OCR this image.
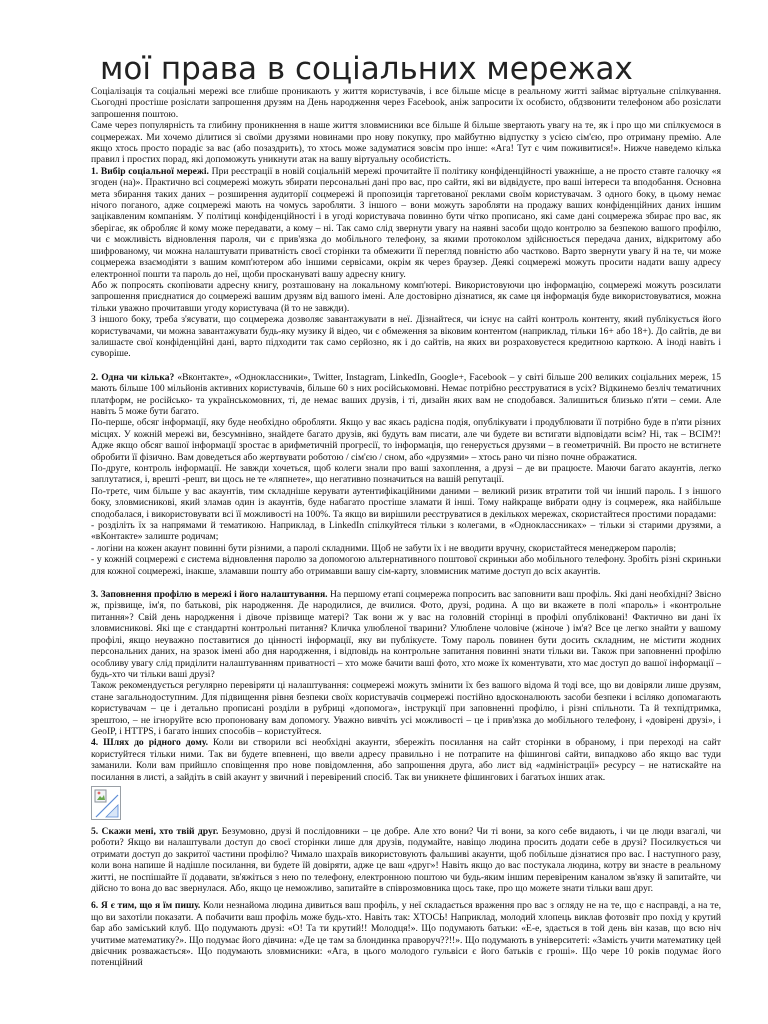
мої права в соціальних мережах

Соціалізація та соціальні мережі все глибше проникають у життя користувачів, і все більше місце в реальному житті займає віртуальне спілкування. Сьогодні простіше розіслати запрошення друзям на День народження через Facebook, аніж запросити їх особисто, обдзвонити телефоном або розіслати запрошення поштою.

Саме через популярність та глибину проникнення в наше життя зловмисники все більше й більше звертають увагу на те, як і про що ми спілкуємося в соцмережах. Ми хочемо ділитися зі своїми друзями новинами про нову покупку, про майбутню відпустку з усією сім'єю, про отриману премію. Але якщо хтось просто порадіє за вас (або позаздрить), то хтось може задуматися зовсім про інше: «Ага! Тут є чим поживитися!». Нижче наведемо кілька правил і простих порад, які допоможуть уникнути атак на вашу віртуальну особистість.

1. Вибір соціальної мережі. При реєстрації в новій соціальній мережі прочитайте її політику конфіденційності уважніше, а не просто ставте галочку «я згоден (на)». Практично всі соцмережі можуть збирати персональні дані про вас, про сайти, які ви відвідуєте, про ваші інтереси та вподобання. Основна мета збирання таких даних – розширення аудиторії соцмережі й пропозиція таргетованої реклами своїм користувачам. З одного боку, в цьому немає нічого поганого, адже соцмережі мають на чомусь заробляти. З іншого – вони можуть заробляти на продажу ваших конфіденційних даних іншим зацікавленим компаніям. У політиці конфіденційності і в угоді користувача повинно бути чітко прописано, які саме дані соцмережа збирає про вас, як зберігає, як обробляє й кому може передавати, а кому – ні. Так само слід звернути увагу на наявні засоби щодо контролю за безпекою вашого профілю, чи є можливість відновлення пароля, чи є прив'язка до мобільного телефону, за якими протоколом здійснюється передача даних, відкритому або шифрованому, чи можна налаштувати приватність своєї сторінки та обмежити її перегляд повністю або частково. Варто звернути увагу й на те, чи може соцмережа взаємодіяти з вашим комп'ютером або іншими сервісами, окрім як через браузер. Деякі соцмережі можуть просити надати вашу адресу електронної пошти та пароль до неї, щоби проскануваті вашу адресну книгу.

Або ж попросять скопіювати адресну книгу, розташовану на локальному комп'ютері. Використовуючи цю інформацію, соцмережі можуть розсилати запрошення приєднатися до соцмережі вашим друзям від вашого імені. Але достовірно дізнатися, як саме ця інформація буде використовуватися, можна тільки уважно прочитавши угоду користувача (й то не завжди).

З іншого боку, треба з'ясувати, що соцмережа дозволяє завантажувати в неї. Дізнайтеся, чи існує на сайті контроль контенту, який публікується його користувачами, чи можна завантажувати будь-яку музику й відео, чи є обмеження за віковим контентом (наприклад, тільки 16+ або 18+). До сайтів, де ви залишаєте свої конфіденційні дані, варто підходити так само серйозно, як і до сайтів, на яких ви розраховуєтеся кредитною карткою. А іноді навіть і суворіше.

2. Одна чи кілька? «Вконтакте», «Одноклассники», Twitter, Instagram, LinkedIn, Google+, Facebook – у світі більше 200 великих соціальних мереж, 15 мають більше 100 мільйонів активних користувачів, більше 60 з них російськомовні. Немає потрібно реєструватися в усіх? Відкинемо безліч тематичних платформ, не російсько- та українськомовних, ті, де немає ваших друзів, і ті, дизайн яких вам не сподобався. Залишиться близько п'яти – семи. Але навіть 5 може бути багато.

По-перше, обсяг інформації, яку буде необхідно обробляти. Якщо у вас якась радісна подія, опублікувати і продублювати її потрібно буде в п'яти різних місцях. У кожній мережі ви, безсумнівно, знайдете багато друзів, які будуть вам писати, але чи будете ви встигати відповідати всім? Ні, так – ВСІМ?! Адже якщо обсяг вашої інформації зростає в арифметичній прогресії, то інформація, що генерується друзями – в геометричній. Ви просто не встигнете обробити її фізично. Вам доведеться або жертвувати роботою / сім'єю / сном, або «друзями» – хтось рано чи пізно почне ображатися.

По-друге, контроль інформації. Не завжди хочеться, щоб колеги знали про ваші захоплення, а друзі – де ви працюєте. Маючи багато акаунтів, легко заплутатися, і, врешті -решт, ви щось не те «ляпнете», що негативно позначиться на вашій репутації.

По-третє, чим більше у вас акаунтів, тим складніше керувати аутентифікаційними даними – великий ризик втратити той чи інший пароль. І з іншого боку, зловмисникові, який зламав один із акаунтів, буде набагато простіше зламати й інші. Тому найкраще вибрати одну із соцмереж, яка найбільше сподобалася, і використовувати всі її можливості на 100%. Та якщо ви вирішили реєструватися в декількох мережах, скористайтеся простими порадами:

- розділіть їх за напрямами й тематикою. Наприклад, в LinkedIn спілкуйтеся тільки з колегами, в «Одноклассниках» – тільки зі старими друзями, а «вКонтакте» залиште родичам;

- логіни на кожен акаунт повинні бути різними, а паролі складними. Щоб не забути їх і не вводити вручну, скористайтеся менеджером паролів;

- у кожній соцмережі є система відновлення паролю за допомогою альтернативного поштової скриньки або мобільного телефону. Зробіть різні скриньки для кожної соцмережі, інакше, зламавши пошту або отримавши вашу сім-карту, зловмисник матиме доступ до всіх акаунтів.

3. Заповнення профілю в мережі і його налаштування. На першому етапі соцмережа попросить вас заповнити ваш профіль. Які дані необхідні? Звісно ж, прізвище, ім'я, по батькові, рік народження. Де народилися, де вчилися. Фото, друзі, родина. А що ви вкажете в полі «пароль» і «контрольне питання»? Свій день народження і дівоче прізвище матері? Так вони ж у вас на головній сторінці в профілі опубліковані! Фактично ви дані їх зловмисникові. Які ще є стандартні контрольні питання? Кличка улюбленої тварини? Улюблене чоловіче (жіноче ) ім'я? Все це легко знайти у вашому профілі, якщо неуважно поставитися до цінності інформації, яку ви публікуєте. Тому пароль повинен бути досить складним, не містити жодних персональних даних, на зразок імені або дня народження, і відповідь на контрольне запитання повинні знати тільки ви. Також при заповненні профілю особливу увагу слід приділити налаштуванням приватності – хто може бачити ваші фото, хто може їх коментувати, хто має доступ до вашої інформації – будь-хто чи тільки ваші друзі?

Також рекомендується регулярно перевіряти ці налаштування: соцмережі можуть змінити їх без вашого відома й тоді все, що ви довіряли лише друзям, стане загальнодоступним. Для підвищення рівня безпеки своїх користувачів соцмережі постійно вдосконалюють засоби безпеки і всіляко допомагають користувачам – це і детально прописані розділи в рубриці «допомога», інструкції при заповненні профілю, і різні спільноти. Та й техпідтримка, зрештою, – не ігноруйте всю пропоновану вам допомогу. Уважно вивчіть усі можливості – це і прив'язка до мобільного телефону, і «довірені друзі», і GeoIP, і HTTPS, і багато інших способів – користуйтеся.

4. Шлях до рідного дому. Коли ви створили всі необхідні акаунти, збережіть посилання на сайт сторінки в обраному, і при переході на сайт користуйтеся тільки ними. Так ви будете впевнені, що ввели адресу правильно і не потрапите на фішингові сайти, випадково або якщо вас туди заманили. Коли вам прийшло сповіщення про нове повідомлення, або запрошення друга, або лист від «адміністрації» ресурсу – не натискайте на посилання в листі, а зайдіть в свій акаунт у звичний і перевірений спосіб. Так ви уникнете фішингових і багатьох інших атак.

5. Скажи мені, хто твій друг. Безумовно, друзі й послідовники – це добре. Але хто вони? Чи ті вони, за кого себе видають, і чи це люди взагалі, чи роботи? Якщо ви налаштували доступ до своєї сторінки лише для друзів, подумайте, навіщо людина просить додати себе в друзі? Посилкується чи отримати доступ до закритої частини профілю? Чимало шахраїв використовують фальшиві акаунти, щоб побільше дізнатися про вас. І наступного разу, коли вона напише й надішле посилання, ви будете їй довіряти, адже це ваш «друг»! Навіть якщо до вас постукала людина, котру ви знаєте в реальному житті, не поспішайте її додавати, зв'яжіться з нею по телефону, електронною поштою чи будь-яким іншим перевіреним каналом зв'язку й запитайте, чи дійсно то вона до вас звернулася. Або, якщо це неможливо, запитайте в співрозмовника щось таке, про що можете знати тільки ваш друг.

6. Я є тим, що я їм пишу. Коли незнайома людина дивиться ваш профіль, у неї складається враження про вас з огляду не на те, що є насправді, а на те, що ви захотіли показати. А побачити ваш профіль може будь-хто. Навіть так: ХТОСЬ! Наприклад, молодий хлопець виклав фотозвіт про похід у крутий бар або заміський клуб. Що подумають друзі: «О! Та ти крутий!! Молодця!». Що подумають батьки: «Е-е, здається в той день він казав, що всю ніч учитиме математику?». Що подумає його дівчина: «Де це там за блондинка праворуч??!!». Що подумають в університеті: «Замість учити математику цей двієчник розважається». Що подумають зловмисники: «Ага, в цього молодого гульвіси є його батьків є гроші». Що чере 10 років подумає його потенційний
